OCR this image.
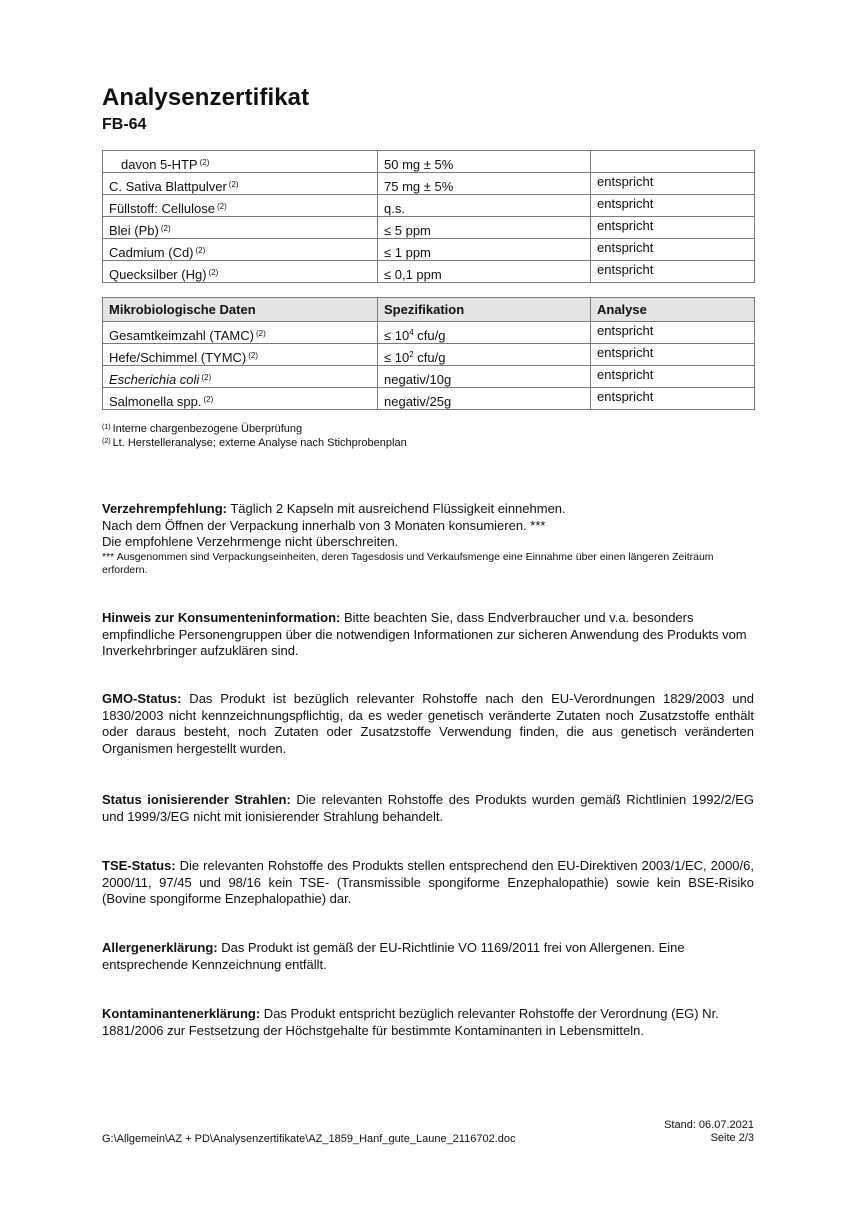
Analysenzertifikat
FB-64
davon 5-HTP $^{(2)}$	50 mg ± 5%	
C. Sativa Blattpulver $^{(2)}$	75 mg ± 5%	entspricht
Füllstoff: Cellulose $^{(2)}$	q.s.	entspricht
Blei (Pb) $^{(2)}$	≤ 5 ppm	entspricht
Cadmium (Cd) $^{(2)}$	≤ 1 ppm	entspricht
Quecksilber (Hg) $^{(2)}$	≤ 0,1 ppm	entspricht
Mikrobiologische Daten	Spezifikation	Analyse
Gesamtkeimzahl (TAMC) $^{(2)}$	≤ $10^4$ cfu/g	entspricht
Hefe/Schimmel (TYMC) $^{(2)}$	≤ $10^2$ cfu/g	entspricht
Escherichia coli $^{(2)}$	negativ/10g	entspricht
Salmonella spp. $^{(2)}$	negativ/25g	entspricht
$^{(1)}$ Interne chargenbezogene Überprüfung
$^{(2)}$ Lt. Herstelleranalyse; externe Analyse nach Stichprobenplan
Verzehrempfehlung: Täglich 2 Kapseln mit ausreichend Flüssigkeit einnehmen.
Nach dem Öffnen der Verpackung innerhalb von 3 Monaten konsumieren. ***
Die empfohlene Verzehrmenge nicht überschreiten.
*** Ausgenommen sind Verpackungseinheiten, deren Tagesdosis und Verkaufsmenge eine Einnahme über einen längeren Zeitraum erfordern.
Hinweis zur Konsumenteninformation: Bitte beachten Sie, dass Endverbraucher und v.a. besonders empfindliche Personengruppen über die notwendigen Informationen zur sicheren Anwendung des Produkts vom Inverkehrbringer aufzuklären sind.
GMO-Status: Das Produkt ist bezüglich relevanter Rohstoffe nach den EU-Verordnungen 1829/2003 und 1830/2003 nicht kennzeichnungspflichtig, da es weder genetisch veränderte Zutaten noch Zusatzstoffe enthält oder daraus besteht, noch Zutaten oder Zusatzstoffe Verwendung finden, die aus genetisch veränderten Organismen hergestellt wurden.
Status ionisierender Strahlen: Die relevanten Rohstoffe des Produkts wurden gemäß Richtlinien 1992/2/EG und 1999/3/EG nicht mit ionisierender Strahlung behandelt.
TSE-Status: Die relevanten Rohstoffe des Produkts stellen entsprechend den EU-Direktiven 2003/1/EC, 2000/6, 2000/11, 97/45 und 98/16 kein TSE- (Transmissible spongiforme Enzephalopathie) sowie kein BSE-Risiko (Bovine spongiforme Enzephalopathie) dar.
Allergenerklärung: Das Produkt ist gemäß der EU-Richtlinie VO 1169/2011 frei von Allergenen. Eine entsprechende Kennzeichnung entfällt.
Kontaminantenerklärung: Das Produkt entspricht bezüglich relevanter Rohstoffe der Verordnung (EG) Nr. 1881/2006 zur Festsetzung der Höchstgehalte für bestimmte Kontaminanten in Lebensmitteln.
G:\Allgemein\AZ + PD\Analysenzertifikate\AZ_1859_Hanf_gute_Laune_2116702.doc
Stand: 06.07.2021
Seite 2/3
